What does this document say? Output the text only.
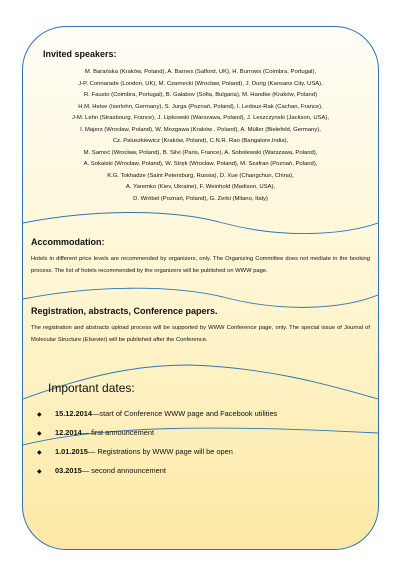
Invited speakers:
M. Barańska (Kraków, Poland), A. Barnes (Salford, UK), H. Burrows (Coimbra, Portugal),
J-P. Connarade (London, UK), M. Czarnecki (Wrocław, Poland), J. Durig (Kansans City, USA),
R. Fausto (Coimbra, Portugal), B. Galabov (Sofia, Bulgaria), M. Handke (Kraków, Poland)
H.M. Heise (Iserlohn, Germany), S. Jurga (Poznań, Poland), I. Ledoux-Rak (Cachan, France),
J-M. Lehn (Strasbourg, France), J. Lipkowski (Warszawa, Poland), J. Leszczynski (Jackson, USA),
I. Majerz (Wrocław, Poland), W. Mozgawa (Kraków , Poland), A. Müller (Bielefeld, Germany),
Cz. Paluszkiewicz (Kraków, Poland), C.N.R. Rao (Bangalore,India),
M. Samoć (Wrocław, Poland), B. Silvi (Paris, France), A. Sobolewski (Warszawa, Poland),
A. Sokalski (Wrocław, Poland), W. Stręk (Wrocław, Poland), M. Szafran (Poznań, Poland),
K.G. Tokhadze (Saint Petersburg, Russia), D. Xue (Changchun, China),
A. Yaremko (Kiev, Ukraine), F. Weinhold (Madison, USA),
D. Wróbel (Poznań, Poland), G. Zerbi (Milano, Italy)
Accommodation:

Hotels in different price levels are recommended by organizers, only. The Organizing Committee does not mediate in the booking process. The list of hotels recommended by the organizers will be published on WWW page.

Registration, abstracts, Conference papers.

The registration and abstracts upload process will be supported by WWW Conference page, only. The special issue of Journal of Molecular Structure (Elsevier) will be published after the Conference.

Important dates:
◆	15.12.2014 —start of Conference WWW page and Facebook utilities
◆	12.2014 — first announcement
◆	1.01.2015 — Registrations by WWW page will be open
◆	03.2015 — second announcement
